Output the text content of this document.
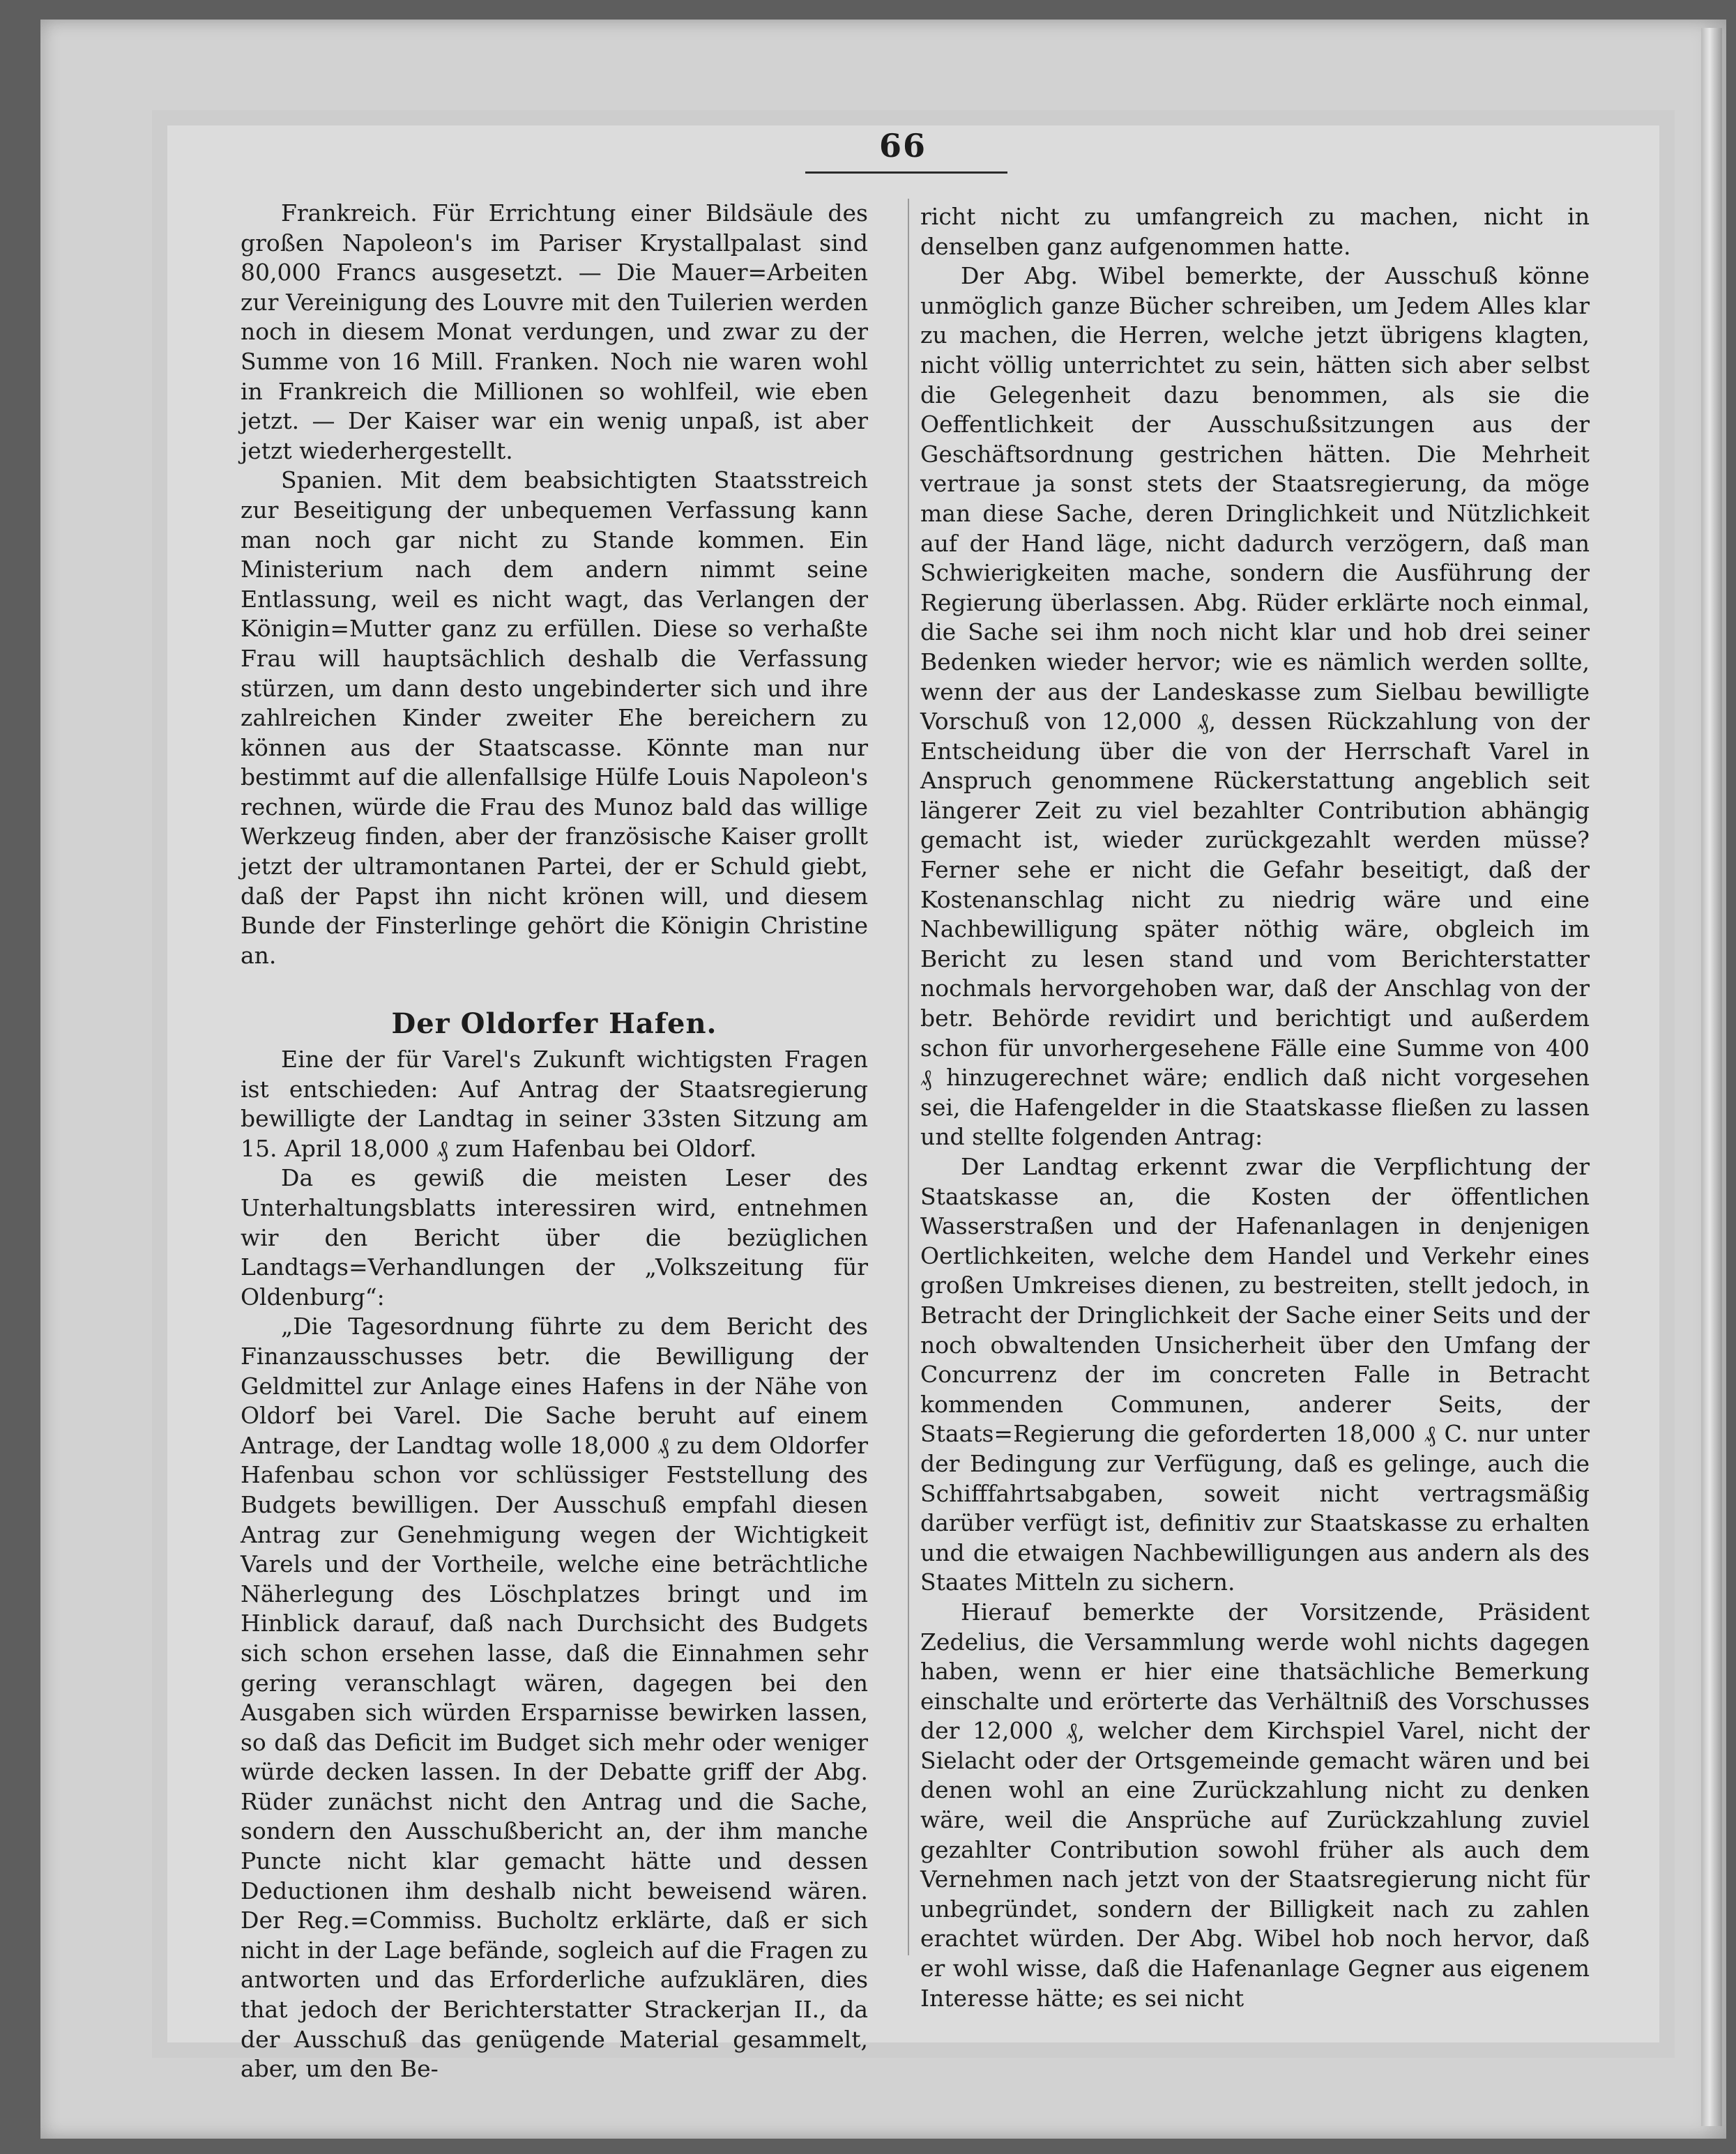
66

Frankreich. Für Errichtung einer Bildsäule des großen Napoleon's im Pariser Krystallpalast sind 80,000 Francs ausgesetzt. — Die Mauer=Arbeiten zur Vereinigung des Louvre mit den Tuilerien werden noch in diesem Monat verdungen, und zwar zu der Summe von 16 Mill. Franken. Noch nie waren wohl in Frankreich die Millionen so wohlfeil, wie eben jetzt. — Der Kaiser war ein wenig unpaß, ist aber jetzt wiederhergestellt.

Spanien. Mit dem beabsichtigten Staatsstreich zur Beseitigung der unbequemen Verfassung kann man noch gar nicht zu Stande kommen. Ein Ministerium nach dem andern nimmt seine Entlassung, weil es nicht wagt, das Verlangen der Königin=Mutter ganz zu erfüllen. Diese so verhaßte Frau will hauptsächlich deshalb die Verfassung stürzen, um dann desto ungebinderter sich und ihre zahlreichen Kinder zweiter Ehe bereichern zu können aus der Staatscasse. Könnte man nur bestimmt auf die allenfallsige Hülfe Louis Napoleon's rechnen, würde die Frau des Munoz bald das willige Werkzeug finden, aber der französische Kaiser grollt jetzt der ultramontanen Partei, der er Schuld giebt, daß der Papst ihn nicht krönen will, und diesem Bunde der Finsterlinge gehört die Königin Christine an.

Der Oldorfer Hafen.

Eine der für Varel's Zukunft wichtigsten Fragen ist entschieden: Auf Antrag der Staatsregierung bewilligte der Landtag in seiner 33sten Sitzung am 15. April 18,000 ₰ zum Hafenbau bei Oldorf.

Da es gewiß die meisten Leser des Unterhaltungsblatts interessiren wird, entnehmen wir den Bericht über die bezüglichen Landtags=Verhandlungen der „Volkszeitung für Oldenburg“:

„Die Tagesordnung führte zu dem Bericht des Finanzausschusses betr. die Bewilligung der Geldmittel zur Anlage eines Hafens in der Nähe von Oldorf bei Varel. Die Sache beruht auf einem Antrage, der Landtag wolle 18,000 ₰ zu dem Oldorfer Hafenbau schon vor schlüssiger Feststellung des Budgets bewilligen. Der Ausschuß empfahl diesen Antrag zur Genehmigung wegen der Wichtigkeit Varels und der Vortheile, welche eine beträchtliche Näherlegung des Löschplatzes bringt und im Hinblick darauf, daß nach Durchsicht des Budgets sich schon ersehen lasse, daß die Einnahmen sehr gering veranschlagt wären, dagegen bei den Ausgaben sich würden Ersparnisse bewirken lassen, so daß das Deficit im Budget sich mehr oder weniger würde decken lassen. In der Debatte griff der Abg. Rüder zunächst nicht den Antrag und die Sache, sondern den Ausschußbericht an, der ihm manche Puncte nicht klar gemacht hätte und dessen Deductionen ihm deshalb nicht beweisend wären. Der Reg.=Commiss. Bucholtz erklärte, daß er sich nicht in der Lage befände, sogleich auf die Fragen zu antworten und das Erforderliche aufzuklären, dies that jedoch der Berichterstatter Strackerjan II., da der Ausschuß das genügende Material gesammelt, aber, um den Be-

richt nicht zu umfangreich zu machen, nicht in denselben ganz aufgenommen hatte.

Der Abg. Wibel bemerkte, der Ausschuß könne unmöglich ganze Bücher schreiben, um Jedem Alles klar zu machen, die Herren, welche jetzt übrigens klagten, nicht völlig unterrichtet zu sein, hätten sich aber selbst die Gelegenheit dazu benommen, als sie die Oeffentlichkeit der Ausschußsitzungen aus der Geschäftsordnung gestrichen hätten. Die Mehrheit vertraue ja sonst stets der Staatsregierung, da möge man diese Sache, deren Dringlichkeit und Nützlichkeit auf der Hand läge, nicht dadurch verzögern, daß man Schwierigkeiten mache, sondern die Ausführung der Regierung überlassen. Abg. Rüder erklärte noch einmal, die Sache sei ihm noch nicht klar und hob drei seiner Bedenken wieder hervor; wie es nämlich werden sollte, wenn der aus der Landeskasse zum Sielbau bewilligte Vorschuß von 12,000 ₰, dessen Rückzahlung von der Entscheidung über die von der Herrschaft Varel in Anspruch genommene Rückerstattung angeblich seit längerer Zeit zu viel bezahlter Contribution abhängig gemacht ist, wieder zurückgezahlt werden müsse? Ferner sehe er nicht die Gefahr beseitigt, daß der Kostenanschlag nicht zu niedrig wäre und eine Nachbewilligung später nöthig wäre, obgleich im Bericht zu lesen stand und vom Berichterstatter nochmals hervorgehoben war, daß der Anschlag von der betr. Behörde revidirt und berichtigt und außerdem schon für unvorhergesehene Fälle eine Summe von 400 ₰ hinzugerechnet wäre; endlich daß nicht vorgesehen sei, die Hafengelder in die Staatskasse fließen zu lassen und stellte folgenden Antrag:

Der Landtag erkennt zwar die Verpflichtung der Staatskasse an, die Kosten der öffentlichen Wasserstraßen und der Hafenanlagen in denjenigen Oertlichkeiten, welche dem Handel und Verkehr eines großen Umkreises dienen, zu bestreiten, stellt jedoch, in Betracht der Dringlichkeit der Sache einer Seits und der noch obwaltenden Unsicherheit über den Umfang der Concurrenz der im concreten Falle in Betracht kommenden Communen, anderer Seits, der Staats=Regierung die geforderten 18,000 ₰ C. nur unter der Bedingung zur Verfügung, daß es gelinge, auch die Schifffahrtsabgaben, soweit nicht vertragsmäßig darüber verfügt ist, definitiv zur Staatskasse zu erhalten und die etwaigen Nachbewilligungen aus andern als des Staates Mitteln zu sichern.

Hierauf bemerkte der Vorsitzende, Präsident Zedelius, die Versammlung werde wohl nichts dagegen haben, wenn er hier eine thatsächliche Bemerkung einschalte und erörterte das Verhältniß des Vorschusses der 12,000 ₰, welcher dem Kirchspiel Varel, nicht der Sielacht oder der Ortsgemeinde gemacht wären und bei denen wohl an eine Zurückzahlung nicht zu denken wäre, weil die Ansprüche auf Zurückzahlung zuviel gezahlter Contribution sowohl früher als auch dem Vernehmen nach jetzt von der Staatsregierung nicht für unbegründet, sondern der Billigkeit nach zu zahlen erachtet würden. Der Abg. Wibel hob noch hervor, daß er wohl wisse, daß die Hafenanlage Gegner aus eigenem Interesse hätte; es sei nicht
